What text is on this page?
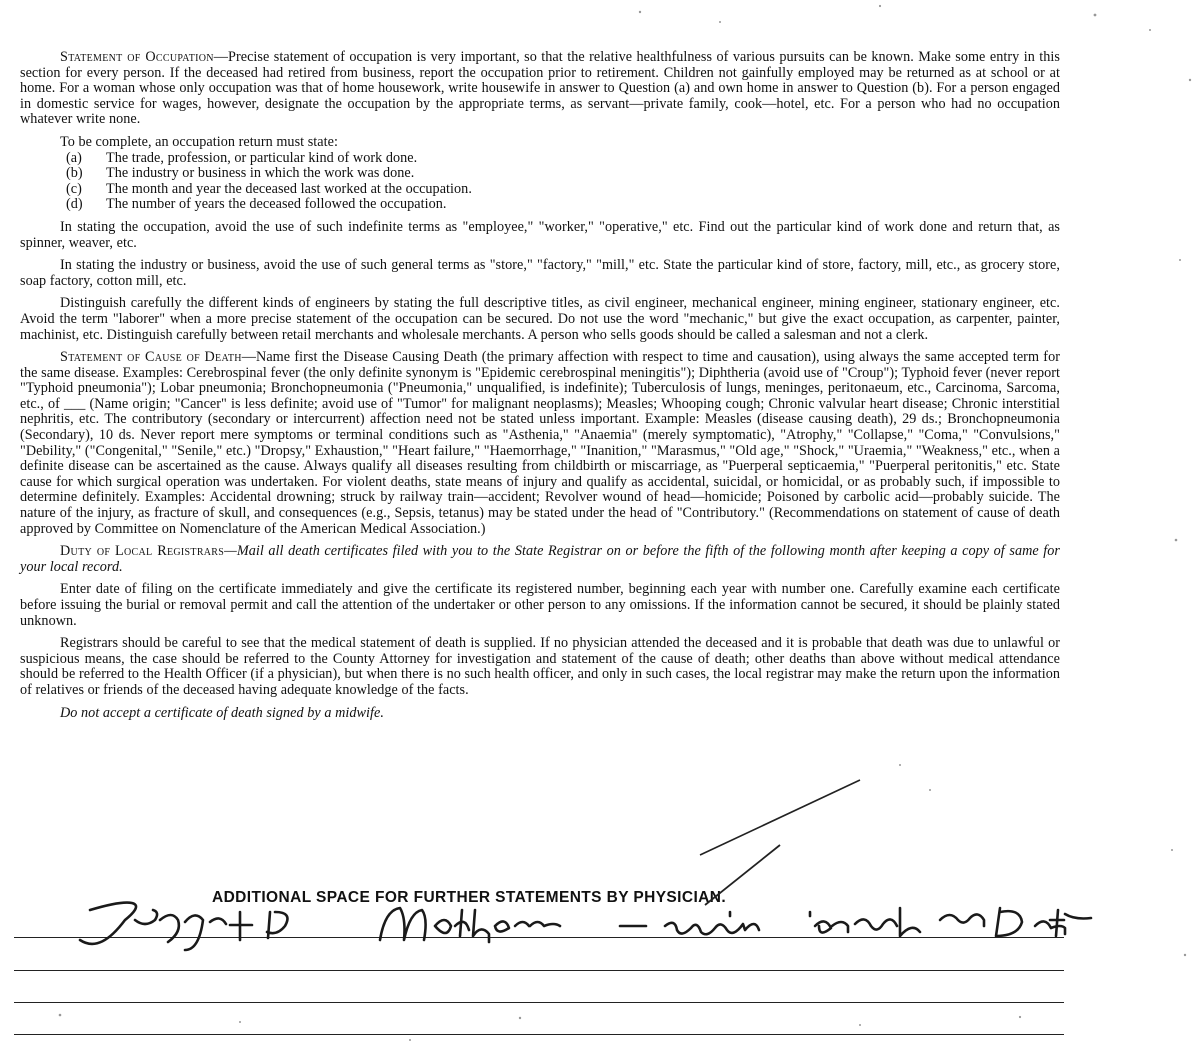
Statement of Occupation—Precise statement of occupation is very important, so that the relative healthfulness of various pursuits can be known. Make some entry in this section for every person. If the deceased had retired from business, report the occupation prior to retirement. Children not gainfully employed may be returned as at school or at home. For a woman whose only occupation was that of home housework, write housewife in answer to Question (a) and own home in answer to Question (b). For a person engaged in domestic service for wages, however, designate the occupation by the appropriate terms, as servant—private family, cook—hotel, etc. For a person who had no occupation whatever write none.

To be complete, an occupation return must state:

(a) The trade, profession, or particular kind of work done.
(b) The industry or business in which the work was done.
(c) The month and year the deceased last worked at the occupation.
(d) The number of years the deceased followed the occupation.

In stating the occupation, avoid the use of such indefinite terms as "employee," "worker," "operative," etc. Find out the particular kind of work done and return that, as spinner, weaver, etc.

In stating the industry or business, avoid the use of such general terms as "store," "factory," "mill," etc. State the particular kind of store, factory, mill, etc., as grocery store, soap factory, cotton mill, etc.

Distinguish carefully the different kinds of engineers by stating the full descriptive titles, as civil engineer, mechanical engineer, mining engineer, stationary engineer, etc. Avoid the term "laborer" when a more precise statement of the occupation can be secured. Do not use the word "mechanic," but give the exact occupation, as carpenter, painter, machinist, etc. Distinguish carefully between retail merchants and wholesale merchants. A person who sells goods should be called a salesman and not a clerk.

Statement of Cause of Death—Name first the Disease Causing Death (the primary affection with respect to time and causation), using always the same accepted term for the same disease. Examples: Cerebrospinal fever (the only definite synonym is "Epidemic cerebrospinal meningitis"); Diphtheria (avoid use of "Croup"); Typhoid fever (never report "Typhoid pneumonia"); Lobar pneumonia; Bronchopneumonia ("Pneumonia," unqualified, is indefinite); Tuberculosis of lungs, meninges, peritonaeum, etc., Carcinoma, Sarcoma, etc., of ___ (Name origin; "Cancer" is less definite; avoid use of "Tumor" for malignant neoplasms); Measles; Whooping cough; Chronic valvular heart disease; Chronic interstitial nephritis, etc. The contributory (secondary or intercurrent) affection need not be stated unless important. Example: Measles (disease causing death), 29 ds.; Bronchopneumonia (Secondary), 10 ds. Never report mere symptoms or terminal conditions such as "Asthenia," "Anaemia" (merely symptomatic), "Atrophy," "Collapse," "Coma," "Convulsions," "Debility," ("Congenital," "Senile," etc.) "Dropsy," Exhaustion," "Heart failure," "Haemorrhage," "Inanition," "Marasmus," "Old age," "Shock," "Uraemia," "Weakness," etc., when a definite disease can be ascertained as the cause. Always qualify all diseases resulting from childbirth or miscarriage, as "Puerperal septicaemia," "Puerperal peritonitis," etc. State cause for which surgical operation was undertaken. For violent deaths, state means of injury and qualify as accidental, suicidal, or homicidal, or as probably such, if impossible to determine definitely. Examples: Accidental drowning; struck by railway train—accident; Revolver wound of head—homicide; Poisoned by carbolic acid—probably suicide. The nature of the injury, as fracture of skull, and consequences (e.g., Sepsis, tetanus) may be stated under the head of "Contributory." (Recommendations on statement of cause of death approved by Committee on Nomenclature of the American Medical Association.)

Duty of Local Registrars—Mail all death certificates filed with you to the State Registrar on or before the fifth of the following month after keeping a copy of same for your local record.

Enter date of filing on the certificate immediately and give the certificate its registered number, beginning each year with number one. Carefully examine each certificate before issuing the burial or removal permit and call the attention of the undertaker or other person to any omissions. If the information cannot be secured, it should be plainly stated unknown.

Registrars should be careful to see that the medical statement of death is supplied. If no physician attended the deceased and it is probable that death was due to unlawful or suspicious means, the case should be referred to the County Attorney for investigation and statement of the cause of death; other deaths than above without medical attendance should be referred to the Health Officer (if a physician), but when there is no such health officer, and only in such cases, the local registrar may make the return upon the information of relatives or friends of the deceased having adequate knowledge of the facts.

Do not accept a certificate of death signed by a midwife.

ADDITIONAL SPACE FOR FURTHER STATEMENTS BY PHYSICIAN.
